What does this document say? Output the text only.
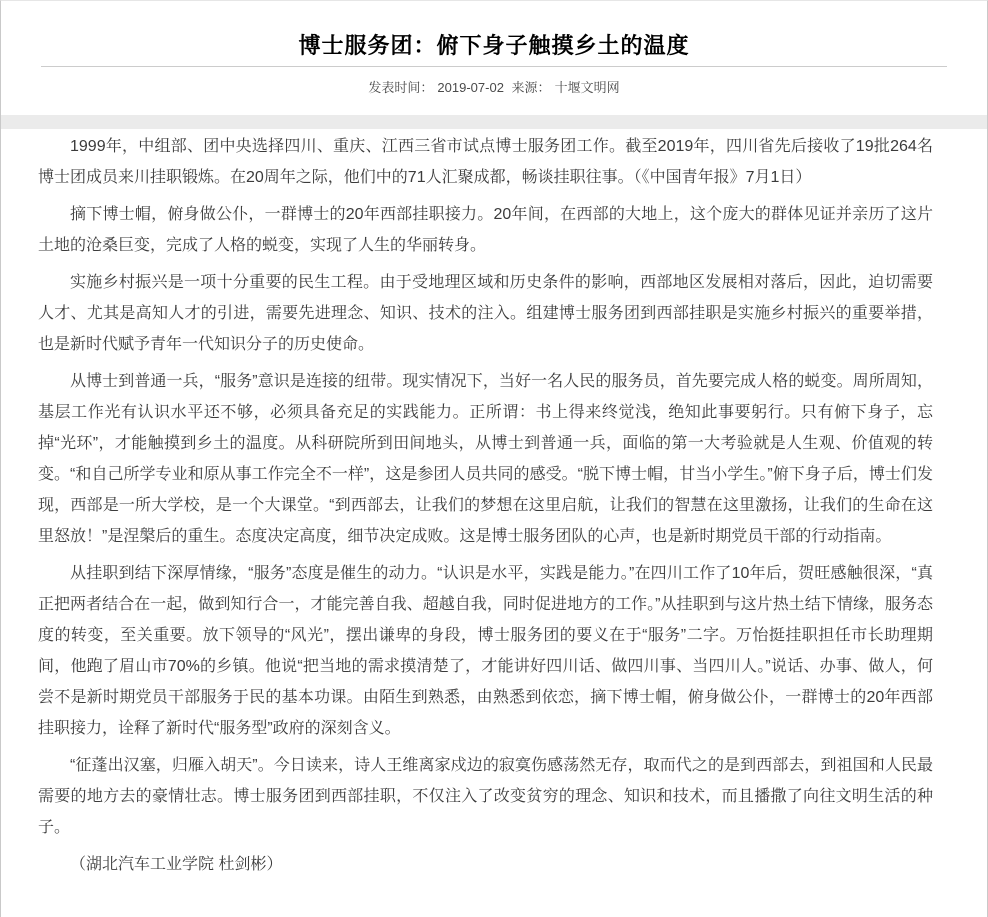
博士服务团：俯下身子触摸乡土的温度
发表时间： 2019-07-02 来源： 十堰文明网

1999年，中组部、团中央选择四川、重庆、江西三省市试点博士服务团工作。截至2019年，四川省先后接收了19批264名博士团成员来川挂职锻炼。在20周年之际，他们中的71人汇聚成都，畅谈挂职往事。（《中国青年报》7月1日）

摘下博士帽，俯身做公仆，一群博士的20年西部挂职接力。20年间，在西部的大地上，这个庞大的群体见证并亲历了这片土地的沧桑巨变，完成了人格的蜕变，实现了人生的华丽转身。

实施乡村振兴是一项十分重要的民生工程。由于受地理区域和历史条件的影响，西部地区发展相对落后，因此，迫切需要人才、尤其是高知人才的引进，需要先进理念、知识、技术的注入。组建博士服务团到西部挂职是实施乡村振兴的重要举措，也是新时代赋予青年一代知识分子的历史使命。

从博士到普通一兵，“服务”意识是连接的纽带。现实情况下，当好一名人民的服务员，首先要完成人格的蜕变。周所周知，基层工作光有认识水平还不够，必须具备充足的实践能力。正所谓：书上得来终觉浅，绝知此事要躬行。只有俯下身子，忘掉“光环”，才能触摸到乡土的温度。从科研院所到田间地头，从博士到普通一兵，面临的第一大考验就是人生观、价值观的转变。“和自己所学专业和原从事工作完全不一样”，这是参团人员共同的感受。“脱下博士帽，甘当小学生。”俯下身子后，博士们发现，西部是一所大学校，是一个大课堂。“到西部去，让我们的梦想在这里启航，让我们的智慧在这里激扬，让我们的生命在这里怒放！”是涅槃后的重生。态度决定高度，细节决定成败。这是博士服务团队的心声，也是新时期党员干部的行动指南。

从挂职到结下深厚情缘，“服务”态度是催生的动力。“认识是水平，实践是能力。”在四川工作了10年后，贺旺感触很深，“真正把两者结合在一起，做到知行合一，才能完善自我、超越自我，同时促进地方的工作。”从挂职到与这片热土结下情缘，服务态度的转变，至关重要。放下领导的“风光”，摆出谦卑的身段，博士服务团的要义在于“服务”二字。万怡挺挂职担任市长助理期间，他跑了眉山市70%的乡镇。他说“把当地的需求摸清楚了，才能讲好四川话、做四川事、当四川人。”说话、办事、做人，何尝不是新时期党员干部服务于民的基本功课。由陌生到熟悉，由熟悉到依恋，摘下博士帽，俯身做公仆，一群博士的20年西部挂职接力，诠释了新时代“服务型”政府的深刻含义。

“征蓬出汉塞，归雁入胡天”。今日读来，诗人王维离家戍边的寂寞伤感荡然无存，取而代之的是到西部去，到祖国和人民最需要的地方去的豪情壮志。博士服务团到西部挂职，不仅注入了改变贫穷的理念、知识和技术，而且播撒了向往文明生活的种子。

（湖北汽车工业学院 杜剑彬）
